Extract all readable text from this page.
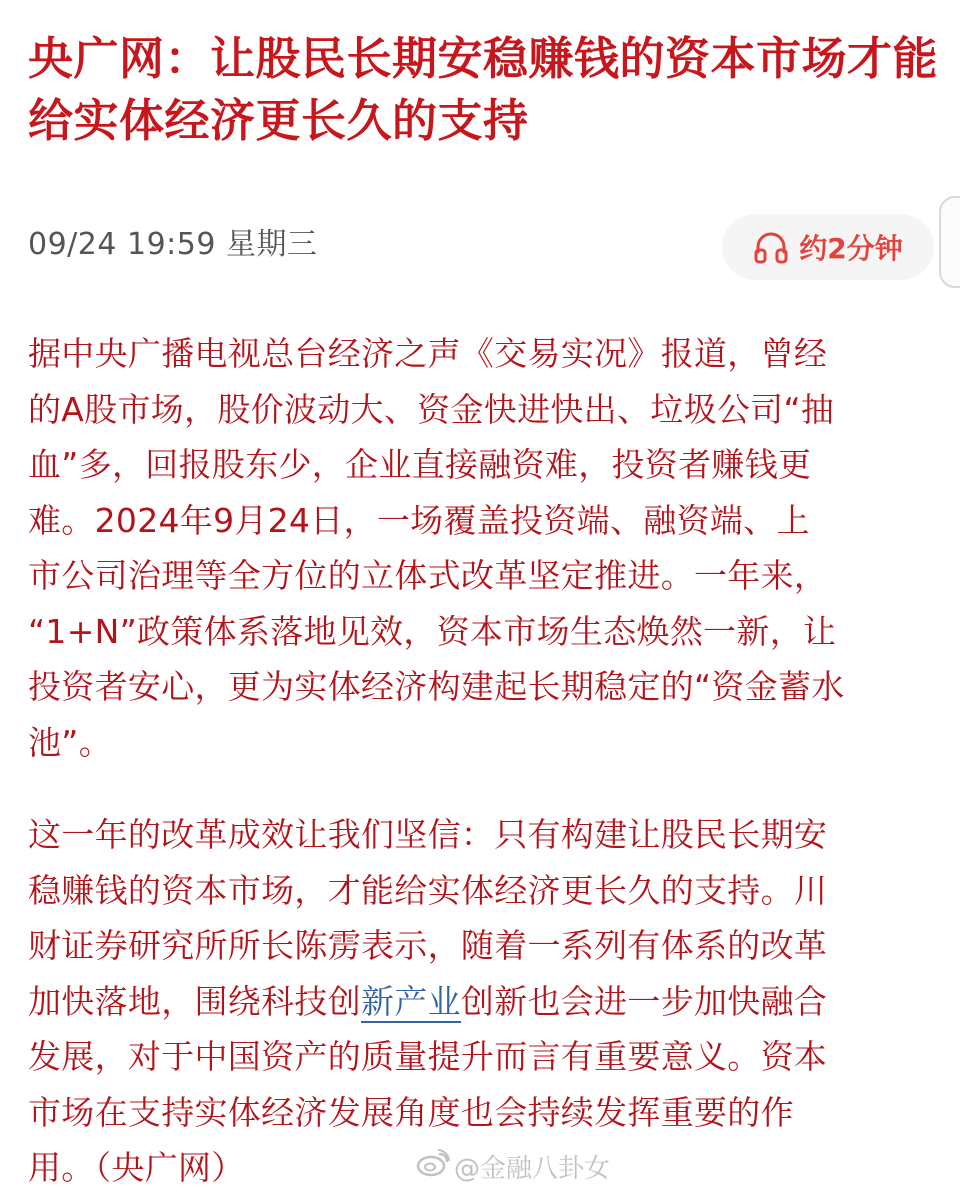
央广网：让股民长期安稳赚钱的资本市场才能给实体经济更长久的支持
09/24 19:59 星期三	约2分钟

据中央广播电视总台经济之声《交易实况》报道，曾经
的A股市场，股价波动大、资金快进快出、垃圾公司“抽
血”多，回报股东少，企业直接融资难，投资者赚钱更
难。2024年9月24日，一场覆盖投资端、融资端、上
市公司治理等全方位的立体式改革坚定推进。一年来，
“1+N”政策体系落地见效，资本市场生态焕然一新，让
投资者安心，更为实体经济构建起长期稳定的“资金蓄水
池”。

这一年的改革成效让我们坚信：只有构建让股民长期安
稳赚钱的资本市场，才能给实体经济更长久的支持。川
财证券研究所所长陈雳表示，随着一系列有体系的改革
加快落地，围绕科技创新产业创新也会进一步加快融合
发展，对于中国资产的质量提升而言有重要意义。资本
市场在支持实体经济发展角度也会持续发挥重要的作
用。（央广网）	@金融八卦女
